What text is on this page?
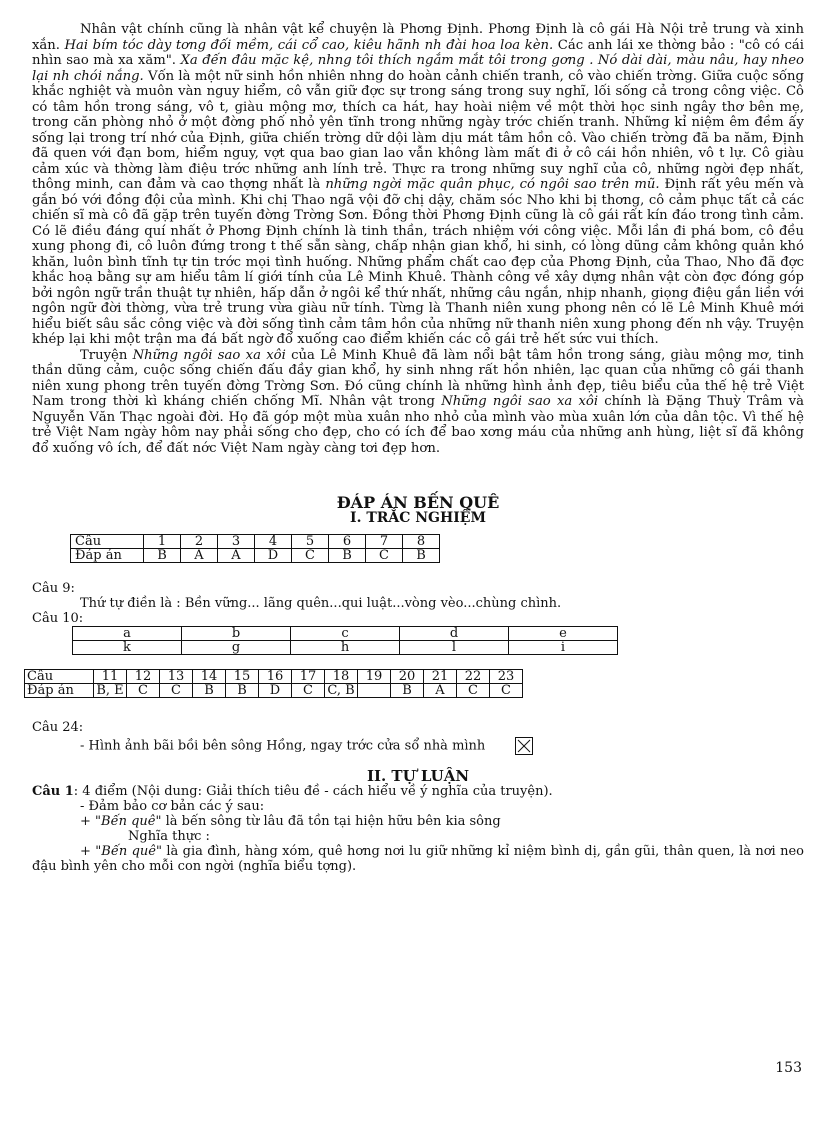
Nhân vật chính cũng là nhân vật kể chuyện là Phơng Định. Phơng Định là cô gái Hà Nội trẻ trung và xinh xắn. Hai bím tóc dày tơng đối mềm, cái cổ cao, kiêu hãnh nh đài hoa loa kèn. Các anh lái xe thờng bảo : "cô có cái nhìn sao mà xa xăm". Xa đến đâu mặc kệ, nhng tôi thích ngắm mắt tôi trong gơng . Nó dài dài, màu nâu, hay nheo lại nh chói nắng. Vốn là một nữ sinh hồn nhiên nhng do hoàn cảnh chiến tranh, cô vào chiến trờng. Giữa cuộc sống khắc nghiệt và muôn vàn nguy hiểm, cô vẫn giữ đợc sự trong sáng trong suy nghĩ, lối sống cả trong công việc. Cô có tâm hồn trong sáng, vô t, giàu mộng mơ, thích ca hát, hay hoài niệm về một thời học sinh ngây thơ bên mẹ, trong căn phòng nhỏ ở một đờng phố nhỏ yên tĩnh trong những ngày trớc chiến tranh. Những kỉ niệm êm đềm ấy sống lại trong trí nhớ của Định, giữa chiến trờng dữ dội làm dịu mát tâm hồn cô. Vào chiến trờng đã ba năm, Định đã quen với đạn bom, hiểm nguy, vợt qua bao gian lao vẫn không làm mất đi ở cô cái hồn nhiên, vô t lự. Cô giàu cảm xúc và thờng làm điệu trớc những anh lính trẻ. Thực ra trong những suy nghĩ của cô, những ngời đẹp nhất, thông minh, can đảm và cao thợng nhất là những ngời mặc quân phục, có ngôi sao trên mũ. Định rất yêu mến và gắn bó với đồng đội của mình. Khi chị Thao ngã vội đỡ chị dậy, chăm sóc Nho khi bị thơng, cô cảm phục tất cả các chiến sĩ mà cô đã gặp trên tuyến đờng Trờng Sơn. Đồng thời Phơng Định cũng là cô gái rất kín đáo trong tình cảm. Có lẽ điều đáng quí nhất ở Phơng Định chính là tinh thần, trách nhiệm với công việc. Mỗi lần đi phá bom, cô đều xung phong đi, cô luôn đứng trong t thế sẵn sàng, chấp nhận gian khổ, hi sinh, có lòng dũng cảm không quản khó khăn, luôn bình tĩnh tự tin trớc mọi tình huống. Những phẩm chất cao đẹp của Phơng Định, của Thao, Nho đã đợc khắc hoạ bằng sự am hiểu tâm lí giới tính của Lê Minh Khuê. Thành công về xây dựng nhân vật còn đợc đóng góp bởi ngôn ngữ trần thuật tự nhiên, hấp dẫn ở ngôi kể thứ nhất, những câu ngắn, nhịp nhanh, giọng điệu gắn liền với ngôn ngữ đời thờng, vừa trẻ trung vừa giàu nữ tính. Từng là Thanh niên xung phong nên có lẽ Lê Minh Khuê mới hiểu biết sâu sắc công việc và đời sống tình cảm tâm hồn của những nữ thanh niên xung phong đến nh vậy. Truyện khép lại khi một trận ma đá bất ngờ đổ xuống cao điểm khiến các cô gái trẻ hết sức vui thích.

Truyện Những ngôi sao xa xôi của Lê Minh Khuê đã làm nổi bật tâm hồn trong sáng, giàu mộng mơ, tinh thần dũng cảm, cuộc sống chiến đấu đầy gian khổ, hy sinh nhng rất hồn nhiên, lạc quan của những cô gái thanh niên xung phong trên tuyến đờng Trờng Sơn. Đó cũng chính là những hình ảnh đẹp, tiêu biểu của thế hệ trẻ Việt Nam trong thời kì kháng chiến chống Mĩ. Nhân vật trong Những ngôi sao xa xôi chính là Đặng Thuỳ Trâm và Nguyễn Văn Thạc ngoài đời. Họ đã góp một mùa xuân nho nhỏ của mình vào mùa xuân lớn của dân tộc. Vì thế hệ trẻ Việt Nam ngày hôm nay phải sống cho đẹp, cho có ích để bao xơng máu của những anh hùng, liệt sĩ đã không đổ xuống vô ích, để đất nớc Việt Nam ngày càng tơi đẹp hơn.

ĐÁP ÁN BẾN QUÊ
I. TRẮC NGHIỆM
Câu	1	2	3	4	5	6	7	8
Đáp án	B	A	A	D	C	B	C	B
Câu 9:
Thứ tự điền là : Bền vững... lãng quên...qui luật...vòng vèo...chùng chình.
Câu 10:
a	b	c	d	e
k	g	h	l	i
Câu	11	12	13	14	15	16	17	18	19	20	21	22	23
Đáp án	B, E	C	C	B	B	D	C	C, B		B	A	C	C
Câu 24:
- Hình ảnh bãi bồi bên sông Hồng, ngay trớc cửa sổ nhà mình
II. TỰ LUẬN
Câu 1: 4 điểm (Nội dung: Giải thích tiêu đề - cách hiểu về ý nghĩa của truyện).
- Đảm bảo cơ bản các ý sau:
+ "Bến quê" là bến sông từ lâu đã tồn tại hiện hữu bên kia sông
Nghĩa thực :
+ "Bến quê" là gia đình, hàng xóm, quê hơng nơi lu giữ những kỉ niệm bình dị, gần gũi, thân quen, là nơi neo đậu bình yên cho mỗi con ngời (nghĩa biểu tợng).
153
